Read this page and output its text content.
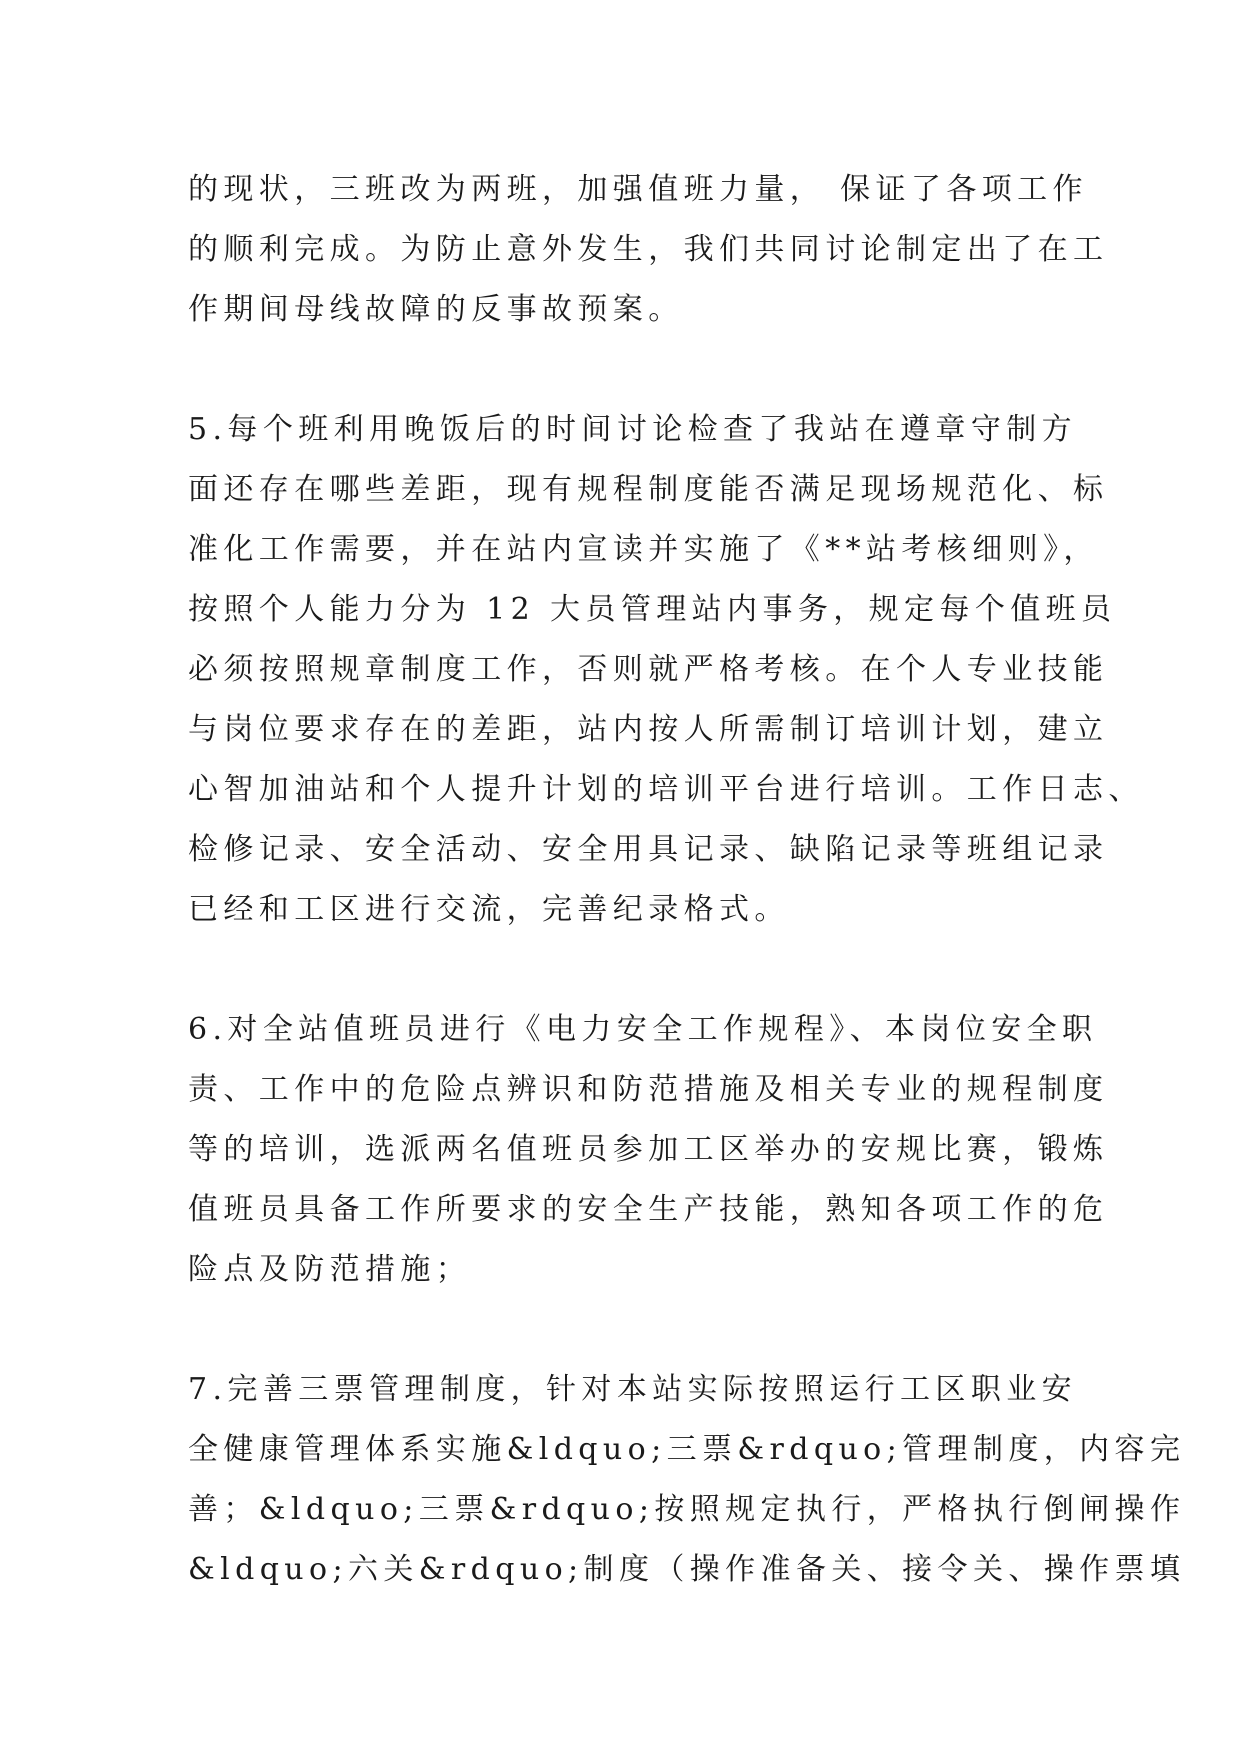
的现状，三班改为两班，加强值班力量， 保证了各项工作
的顺利完成。为防止意外发生，我们共同讨论制定出了在工
作期间母线故障的反事故预案。
5.每个班利用晚饭后的时间讨论检查了我站在遵章守制方
面还存在哪些差距，现有规程制度能否满足现场规范化、标
准化工作需要，并在站内宣读并实施了《**站考核细则》，
按照个人能力分为 12 大员管理站内事务，规定每个值班员
必须按照规章制度工作，否则就严格考核。在个人专业技能
与岗位要求存在的差距，站内按人所需制订培训计划，建立
心智加油站和个人提升计划的培训平台进行培训。工作日志、
检修记录、安全活动、安全用具记录、缺陷记录等班组记录
已经和工区进行交流，完善纪录格式。
6.对全站值班员进行《电力安全工作规程》、本岗位安全职
责、工作中的危险点辨识和防范措施及相关专业的规程制度
等的培训，选派两名值班员参加工区举办的安规比赛，锻炼
值班员具备工作所要求的安全生产技能，熟知各项工作的危
险点及防范措施；
7.完善三票管理制度，针对本站实际按照运行工区职业安
全健康管理体系实施&ldquo;三票&rdquo;管理制度，内容完
善；&ldquo;三票&rdquo;按照规定执行，严格执行倒闸操作
&ldquo;六关&rdquo;制度（操作准备关、接令关、操作票填
